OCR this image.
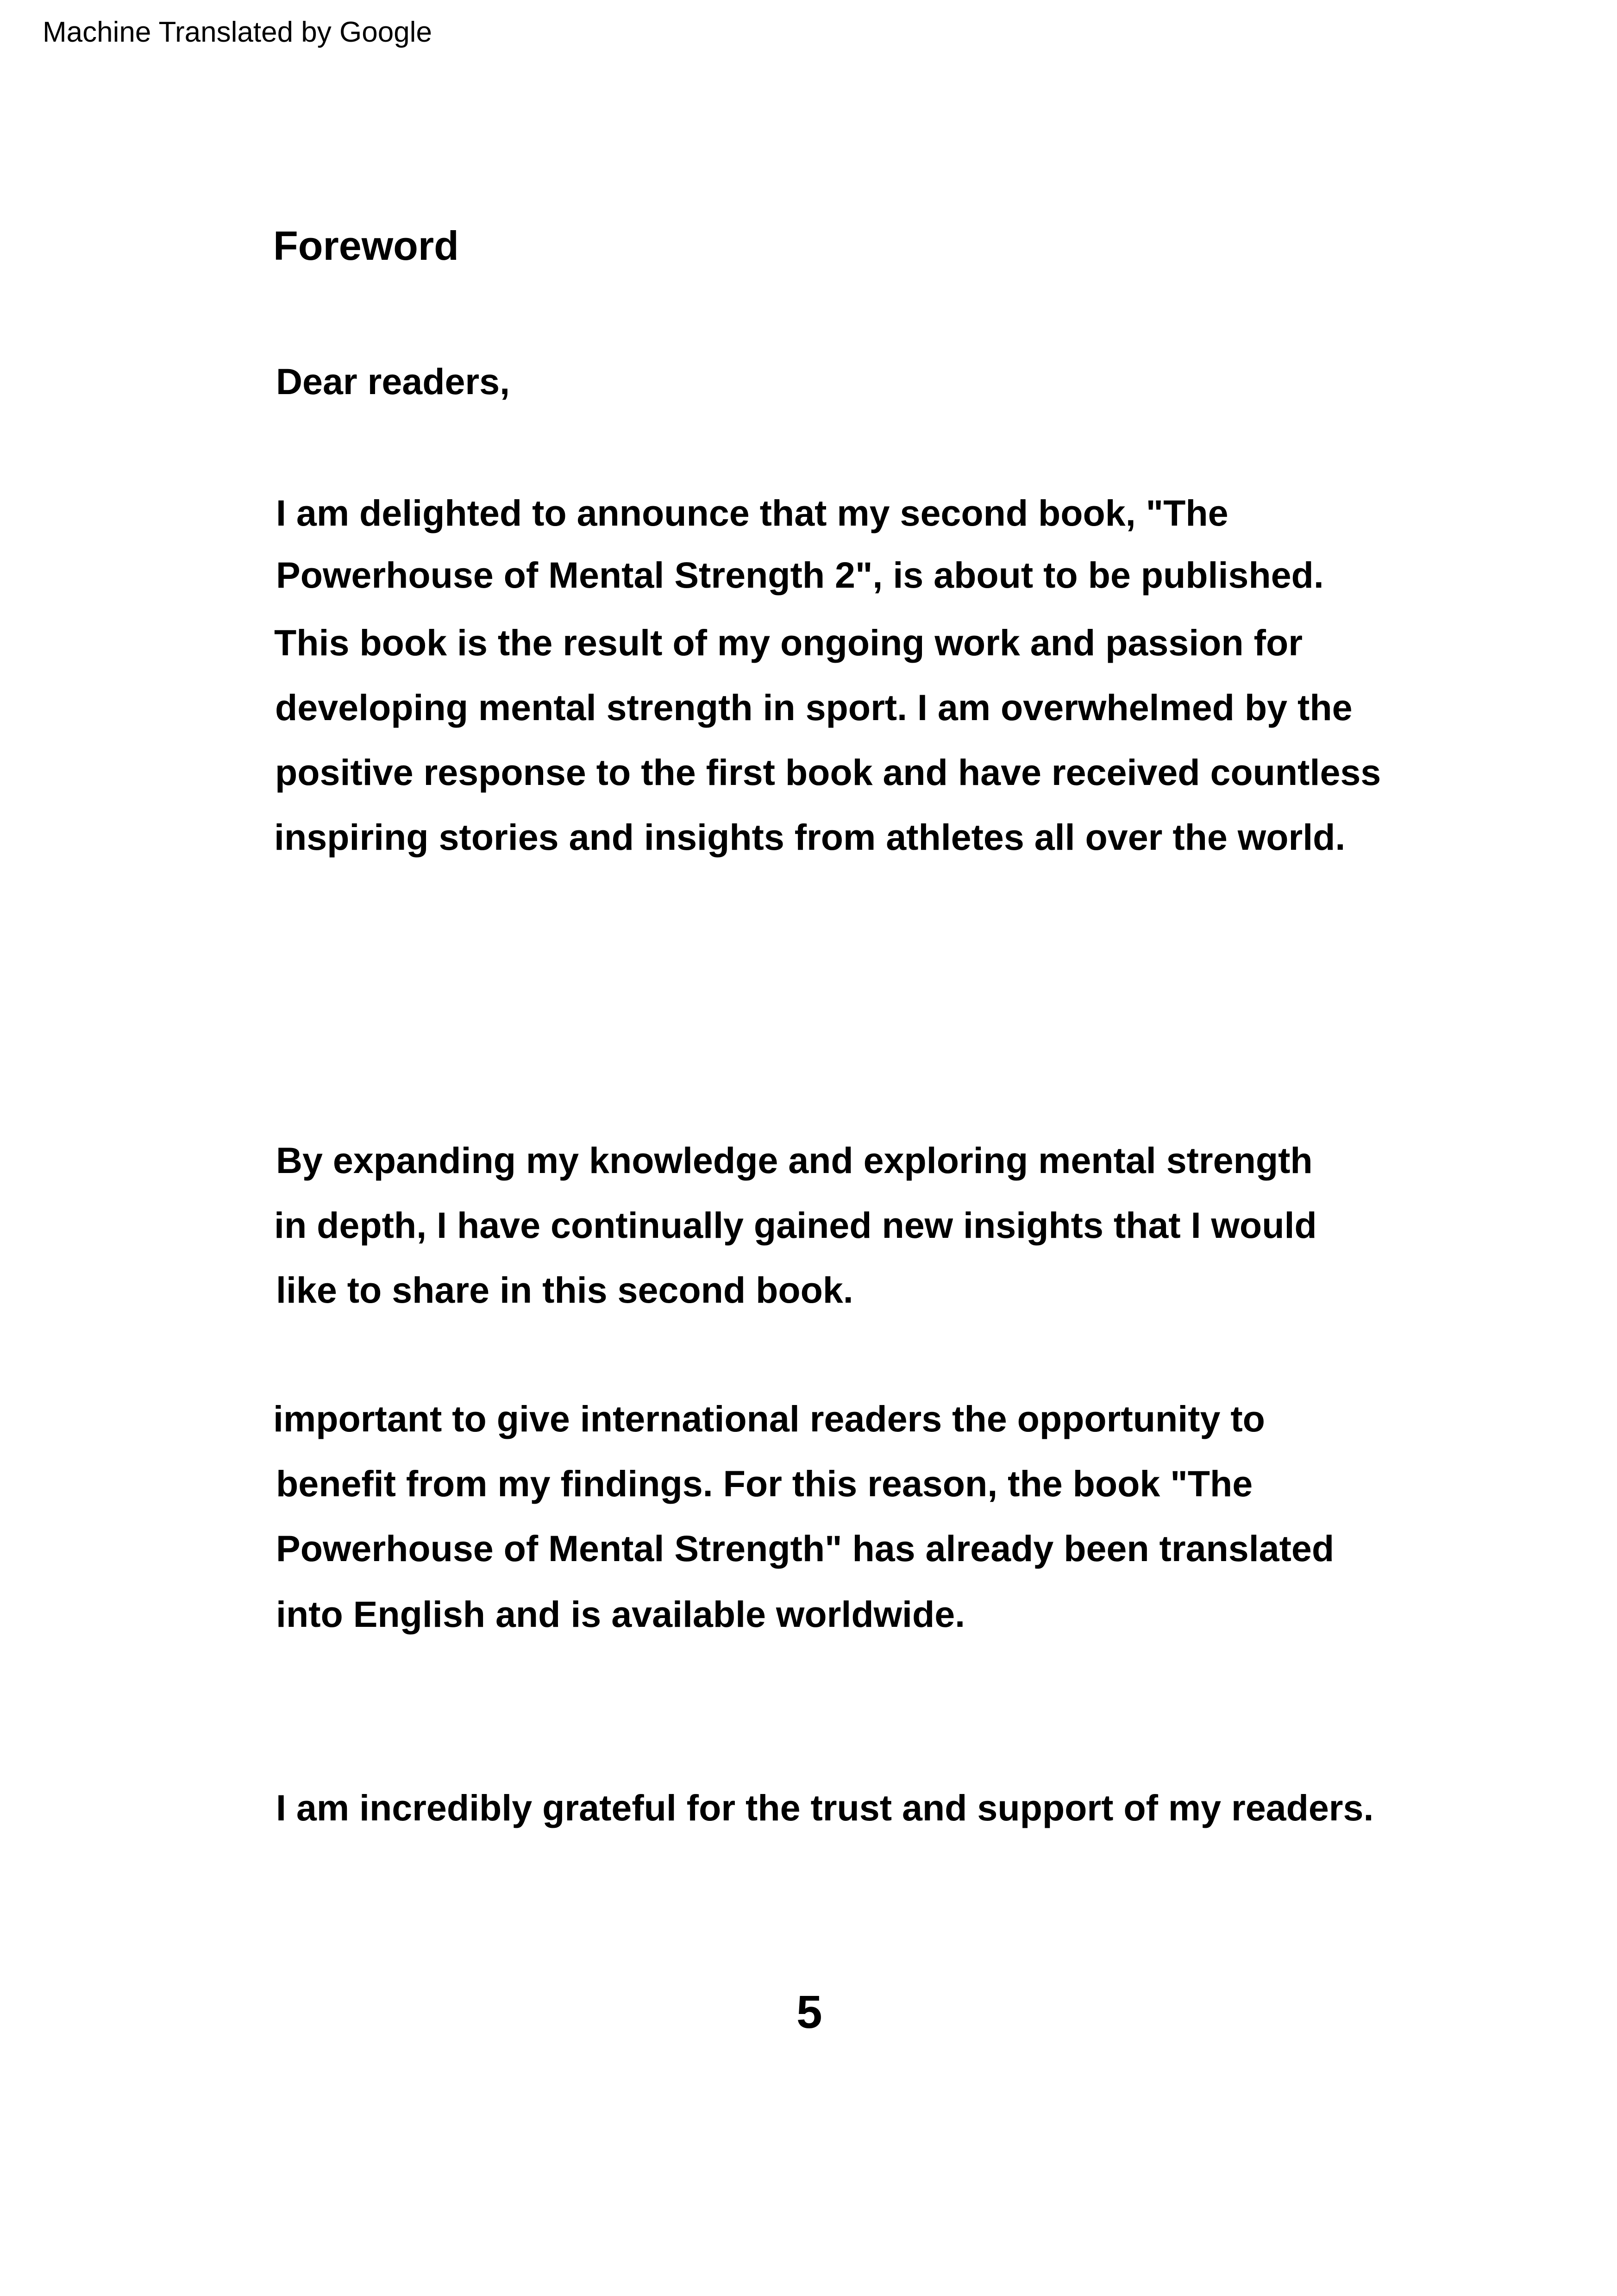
Machine Translated by Google
Foreword
Dear readers,
I am delighted to announce that my second book, "The
Powerhouse of Mental Strength 2", is about to be published.
This book is the result of my ongoing work and passion for
developing mental strength in sport. I am overwhelmed by the
positive response to the first book and have received countless
inspiring stories and insights from athletes all over the world.
By expanding my knowledge and exploring mental strength
in depth, I have continually gained new insights that I would
like to share in this second book.
important to give international readers the opportunity to
benefit from my findings. For this reason, the book "The
Powerhouse of Mental Strength" has already been translated
into English and is available worldwide.
I am incredibly grateful for the trust and support of my readers.
5
